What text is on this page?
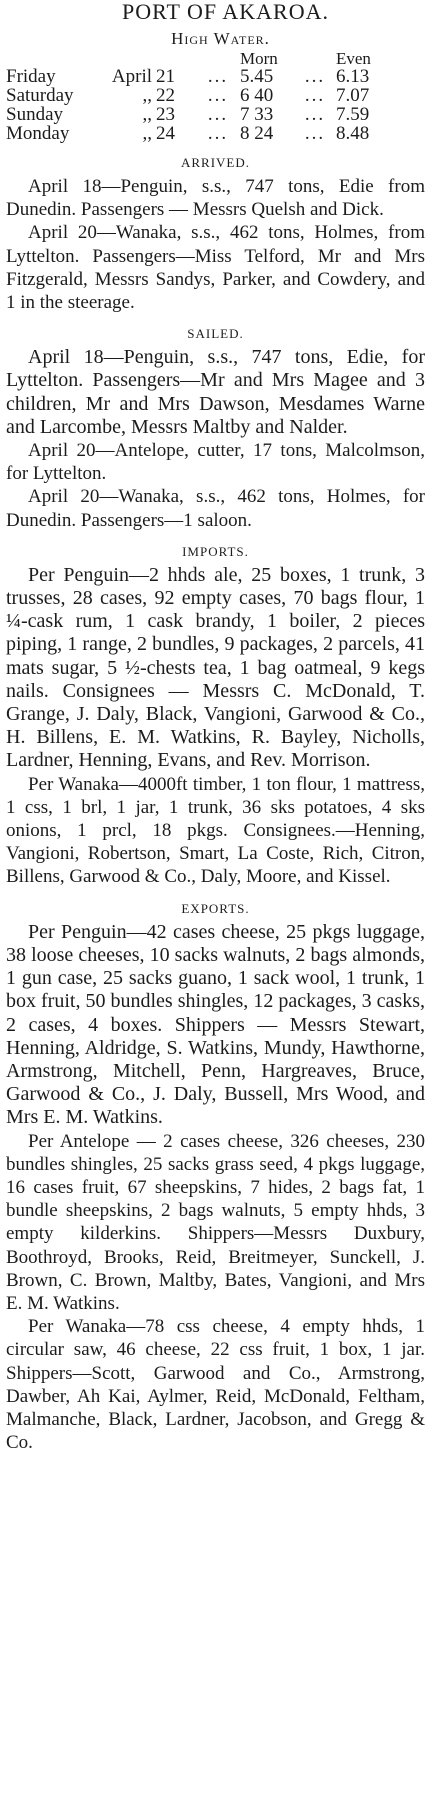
PORT OF AKAROA.
High Water.
				Morn		Even
Friday	April	21	...	5.45	...	6.13
Saturday	,,	22	...	6 40	...	7.07
Sunday	,,	23	...	7 33	...	7.59
Monday	,,	24	...	8 24	...	8.48
ARRIVED.

April 18—Penguin, s.s., 747 tons, Edie from Dunedin. Passengers — Messrs Quelsh and Dick.

April 20—Wanaka, s.s., 462 tons, Holmes, from Lyttelton. Passengers—Miss Telford, Mr and Mrs Fitzgerald, Messrs Sandys, Parker, and Cowdery, and 1 in the steerage.

SAILED.

April 18—Penguin, s.s., 747 tons, Edie, for Lyttelton. Passengers—Mr and Mrs Magee and 3 children, Mr and Mrs Dawson, Mesdames Warne and Larcombe, Messrs Maltby and Nalder.

April 20—Antelope, cutter, 17 tons, Malcolmson, for Lyttelton.

April 20—Wanaka, s.s., 462 tons, Holmes, for Dunedin. Passengers—1 saloon.

IMPORTS.

Per Penguin—2 hhds ale, 25 boxes, 1 trunk, 3 trusses, 28 cases, 92 empty cases, 70 bags flour, 1 ¼-cask rum, 1 cask brandy, 1 boiler, 2 pieces piping, 1 range, 2 bundles, 9 packages, 2 parcels, 41 mats sugar, 5 ½-chests tea, 1 bag oatmeal, 9 kegs nails. Consignees — Messrs C. McDonald, T. Grange, J. Daly, Black, Vangioni, Garwood & Co., H. Billens, E. M. Watkins, R. Bayley, Nicholls, Lardner, Henning, Evans, and Rev. Morrison.

Per Wanaka—4000ft timber, 1 ton flour, 1 mattress, 1 css, 1 brl, 1 jar, 1 trunk, 36 sks potatoes, 4 sks onions, 1 prcl, 18 pkgs. Consignees.—Henning, Vangioni, Robertson, Smart, La Coste, Rich, Citron, Billens, Garwood & Co., Daly, Moore, and Kissel.

EXPORTS.

Per Penguin—42 cases cheese, 25 pkgs luggage, 38 loose cheeses, 10 sacks walnuts, 2 bags almonds, 1 gun case, 25 sacks guano, 1 sack wool, 1 trunk, 1 box fruit, 50 bundles shingles, 12 packages, 3 casks, 2 cases, 4 boxes. Shippers — Messrs Stewart, Henning, Aldridge, S. Watkins, Mundy, Hawthorne, Armstrong, Mitchell, Penn, Hargreaves, Bruce, Garwood & Co., J. Daly, Bussell, Mrs Wood, and Mrs E. M. Watkins.

Per Antelope — 2 cases cheese, 326 cheeses, 230 bundles shingles, 25 sacks grass seed, 4 pkgs luggage, 16 cases fruit, 67 sheepskins, 7 hides, 2 bags fat, 1 bundle sheepskins, 2 bags walnuts, 5 empty hhds, 3 empty kilderkins. Shippers—Messrs Duxbury, Boothroyd, Brooks, Reid, Breitmeyer, Sunckell, J. Brown, C. Brown, Maltby, Bates, Vangioni, and Mrs E. M. Watkins.

Per Wanaka—78 css cheese, 4 empty hhds, 1 circular saw, 46 cheese, 22 css fruit, 1 box, 1 jar. Shippers—Scott, Garwood and Co., Armstrong, Dawber, Ah Kai, Aylmer, Reid, McDonald, Feltham, Malmanche, Black, Lardner, Jacobson, and Gregg & Co.
